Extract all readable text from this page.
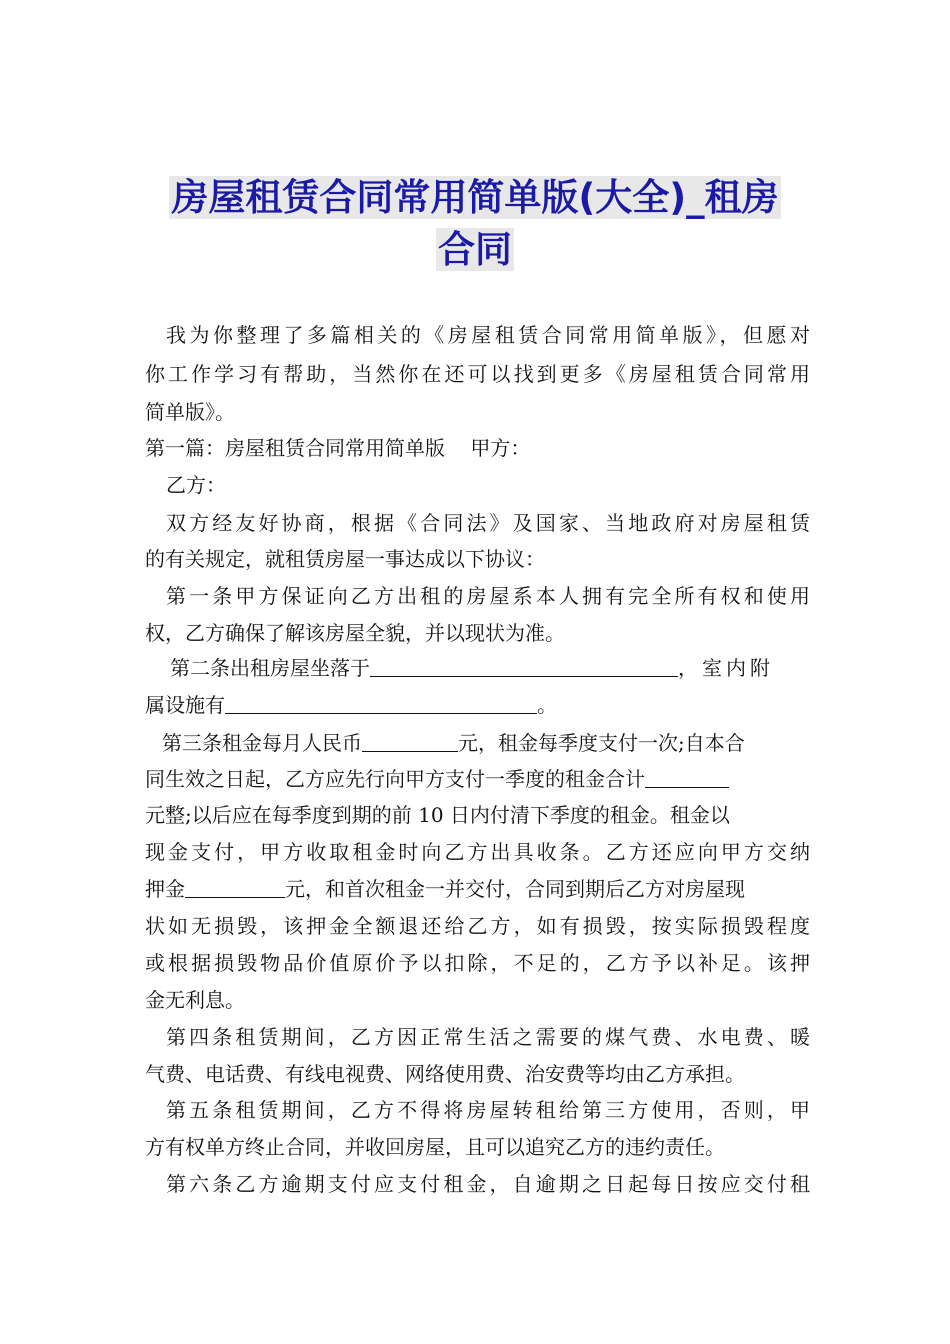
房屋租赁合同常用简单版(大全)_租房
合同
我为你整理了多篇相关的《房屋租赁合同常用简单版》，但愿对
你工作学习有帮助，当然你在还可以找到更多《房屋租赁合同常用
简单版》。
第一篇：房屋租赁合同常用简单版    甲方：
乙方：
双方经友好协商，根据《合同法》及国家、当地政府对房屋租赁
的有关规定，就租赁房屋一事达成以下协议：
第一条甲方保证向乙方出租的房屋系本人拥有完全所有权和使用
权，乙方确保了解该房屋全貌，并以现状为准。
第二条出租房屋坐落于	，室内附
属设施有	。
第三条租金每月人民币	元，租金每季度支付一次;自本合
同生效之日起，乙方应先行向甲方支付一季度的租金合计
元整;以后应在每季度到期的前 10 日内付清下季度的租金。租金以
现金支付，甲方收取租金时向乙方出具收条。乙方还应向甲方交纳
押金	元，和首次租金一并交付，合同到期后乙方对房屋现
状如无损毁，该押金全额退还给乙方，如有损毁，按实际损毁程度
或根据损毁物品价值原价予以扣除，不足的，乙方予以补足。该押
金无利息。
第四条租赁期间，乙方因正常生活之需要的煤气费、水电费、暖
气费、电话费、有线电视费、网络使用费、治安费等均由乙方承担。
第五条租赁期间，乙方不得将房屋转租给第三方使用，否则，甲
方有权单方终止合同，并收回房屋，且可以追究乙方的违约责任。
第六条乙方逾期支付应支付租金，自逾期之日起每日按应交付租
